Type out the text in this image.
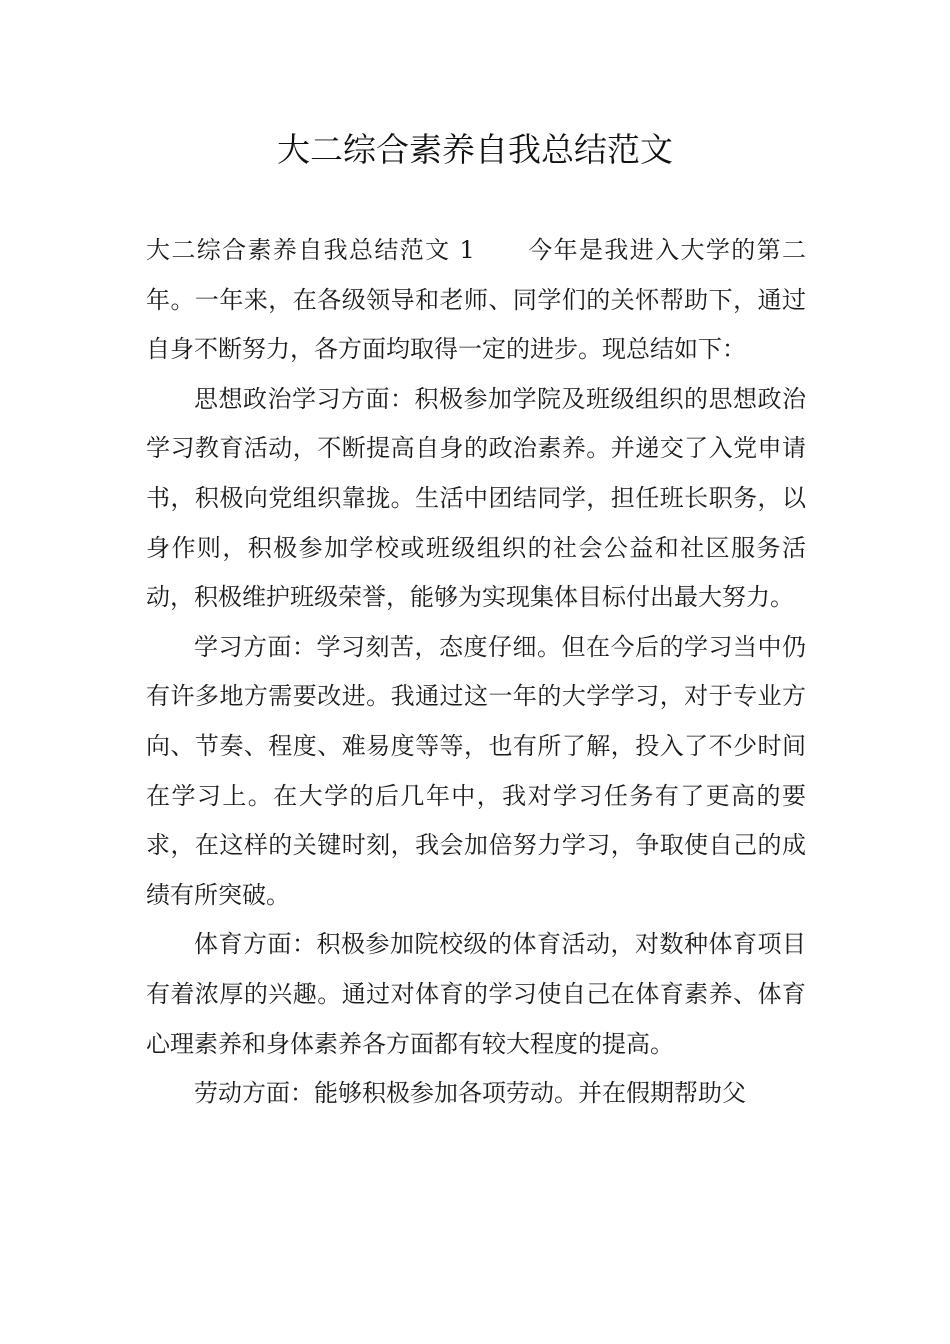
大二综合素养自我总结范文

大二综合素养自我总结范文 1 今年是我进入大学的第二年。一年来，在各级领导和老师、同学们的关怀帮助下，通过自身不断努力，各方面均取得一定的进步。现总结如下：

思想政治学习方面：积极参加学院及班级组织的思想政治学习教育活动，不断提高自身的政治素养。并递交了入党申请书，积极向党组织靠拢。生活中团结同学，担任班长职务，以身作则，积极参加学校或班级组织的社会公益和社区服务活动，积极维护班级荣誉，能够为实现集体目标付出最大努力。

学习方面：学习刻苦，态度仔细。但在今后的学习当中仍有许多地方需要改进。我通过这一年的大学学习，对于专业方向、节奏、程度、难易度等等，也有所了解，投入了不少时间在学习上。在大学的后几年中，我对学习任务有了更高的要求，在这样的关键时刻，我会加倍努力学习，争取使自己的成绩有所突破。

体育方面：积极参加院校级的体育活动，对数种体育项目有着浓厚的兴趣。通过对体育的学习使自己在体育素养、体育心理素养和身体素养各方面都有较大程度的提高。

劳动方面：能够积极参加各项劳动。并在假期帮助父
